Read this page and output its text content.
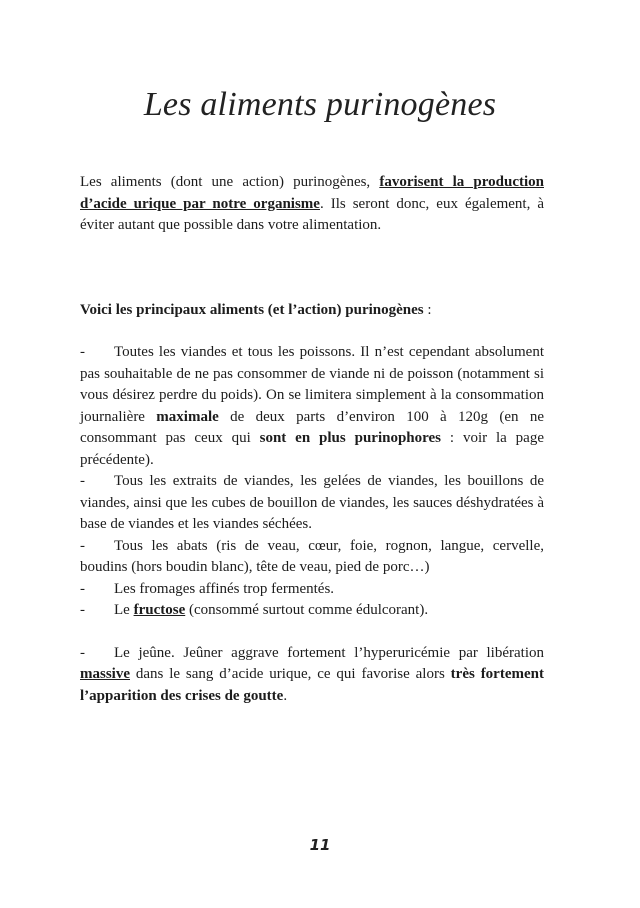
Les aliments purinogènes

Les aliments (dont une action) purinogènes, favorisent la production d’acide urique par notre organisme. Ils seront donc, eux également, à éviter autant que possible dans votre alimentation.

Voici les principaux aliments (et l’action) purinogènes :

- Toutes les viandes et tous les poissons. Il n’est cependant absolument pas souhaitable de ne pas consommer de viande ni de poisson (notamment si vous désirez perdre du poids). On se limitera simplement à la consommation journalière maximale de deux parts d’environ 100 à 120g (en ne consommant pas ceux qui sont en plus purinophores : voir la page précédente).

- Tous les extraits de viandes, les gelées de viandes, les bouillons de viandes, ainsi que les cubes de bouillon de viandes, les sauces déshydratées à base de viandes et les viandes séchées.

- Tous les abats (ris de veau, cœur, foie, rognon, langue, cervelle, boudins (hors boudin blanc), tête de veau, pied de porc…)

- Les fromages affinés trop fermentés.

- Le fructose (consommé surtout comme édulcorant).

- Le jeûne. Jeûner aggrave fortement l’hyperuricémie par libération massive dans le sang d’acide urique, ce qui favorise alors très fortement l’apparition des crises de goutte.

11
